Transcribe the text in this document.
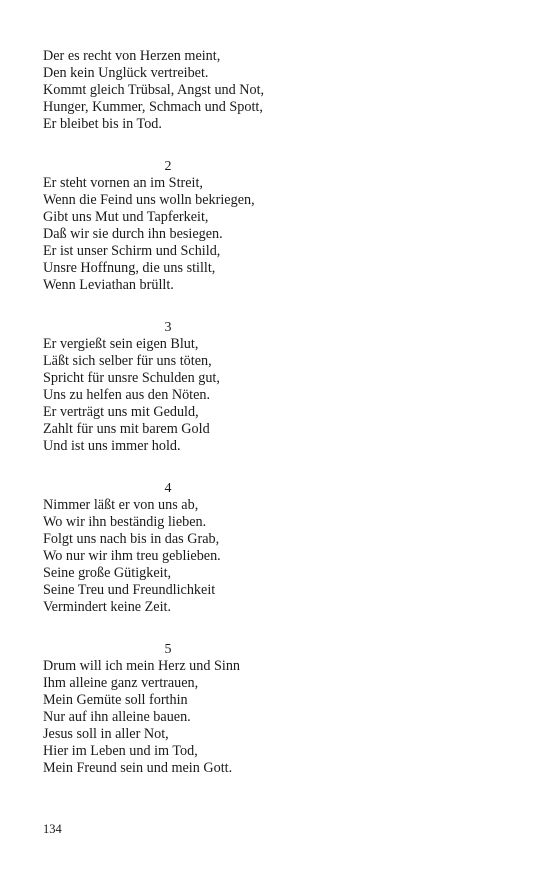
Der es recht von Herzen meint,
Den kein Unglück vertreibet.
Kommt gleich Trübsal, Angst und Not,
Hunger, Kummer, Schmach und Spott,
Er bleibet bis in Tod.
2
Er steht vornen an im Streit,
Wenn die Feind uns wolln bekriegen,
Gibt uns Mut und Tapferkeit,
Daß wir sie durch ihn besiegen.
Er ist unser Schirm und Schild,
Unsre Hoffnung, die uns stillt,
Wenn Leviathan brüllt.
3
Er vergießt sein eigen Blut,
Läßt sich selber für uns töten,
Spricht für unsre Schulden gut,
Uns zu helfen aus den Nöten.
Er verträgt uns mit Geduld,
Zahlt für uns mit barem Gold
Und ist uns immer hold.
4
Nimmer läßt er von uns ab,
Wo wir ihn beständig lieben.
Folgt uns nach bis in das Grab,
Wo nur wir ihm treu geblieben.
Seine große Gütigkeit,
Seine Treu und Freundlichkeit
Vermindert keine Zeit.
5
Drum will ich mein Herz und Sinn
Ihm alleine ganz vertrauen,
Mein Gemüte soll forthin
Nur auf ihn alleine bauen.
Jesus soll in aller Not,
Hier im Leben und im Tod,
Mein Freund sein und mein Gott.
134
